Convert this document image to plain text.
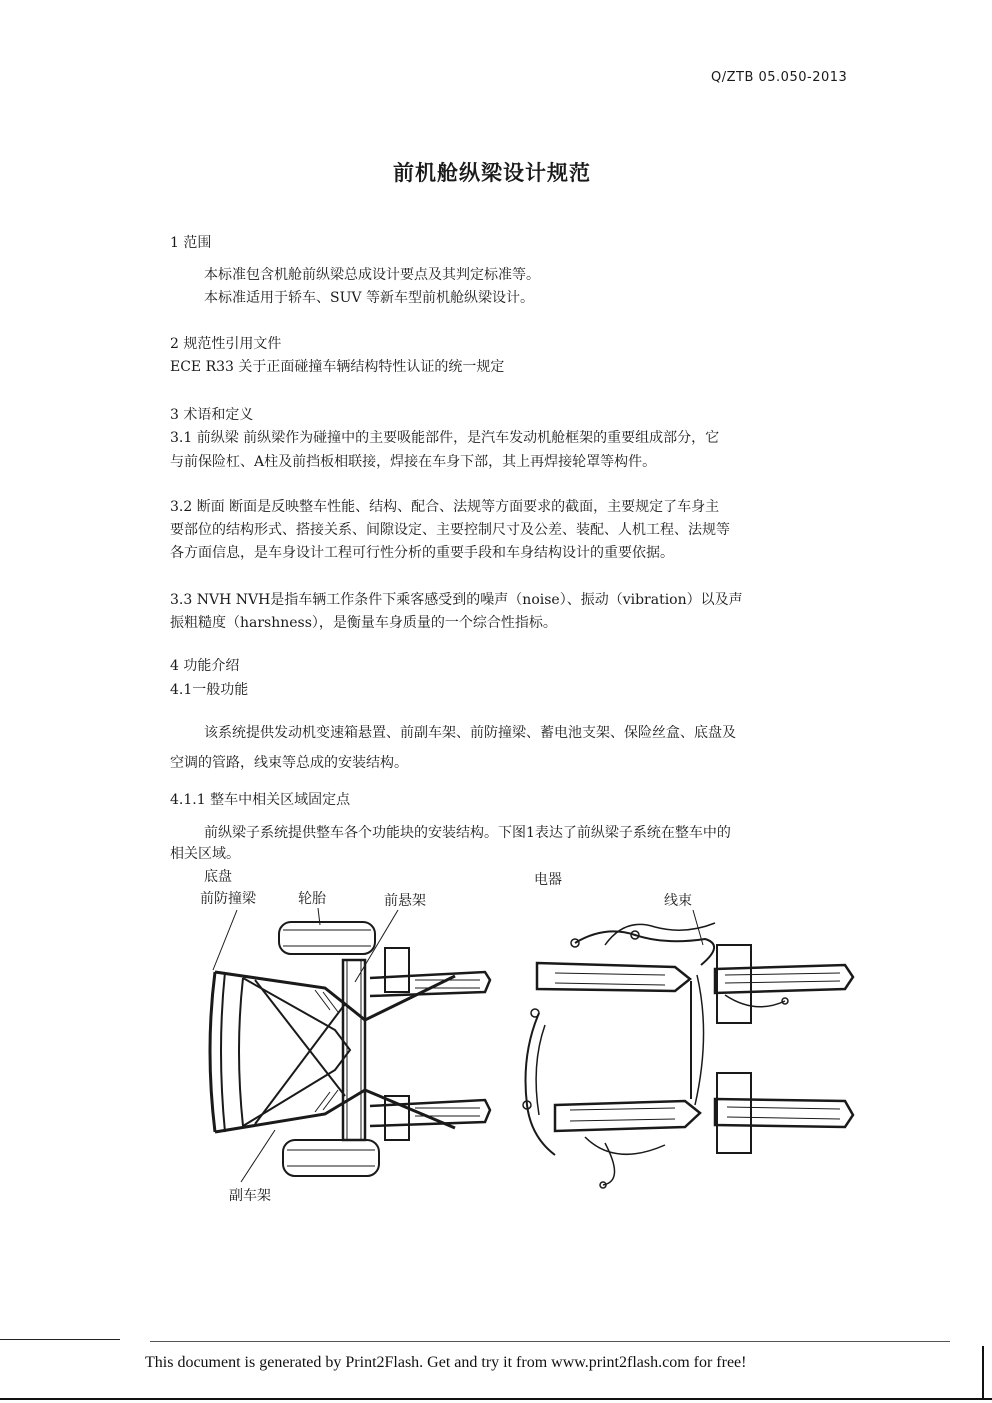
Q/ZTB 05.050-2013
前机舱纵梁设计规范
1 范围
本标准包含机舱前纵梁总成设计要点及其判定标准等。
本标准适用于轿车、SUV 等新车型前机舱纵梁设计。
2 规范性引用文件
ECE R33 关于正面碰撞车辆结构特性认证的统一规定
3 术语和定义
3.1 前纵梁 前纵梁作为碰撞中的主要吸能部件，是汽车发动机舱框架的重要组成部分，它
与前保险杠、A柱及前挡板相联接，焊接在车身下部，其上再焊接轮罩等构件。
3.2 断面 断面是反映整车性能、结构、配合、法规等方面要求的截面，主要规定了车身主
要部位的结构形式、搭接关系、间隙设定、主要控制尺寸及公差、装配、人机工程、法规等
各方面信息，是车身设计工程可行性分析的重要手段和车身结构设计的重要依据。
3.3 NVH NVH是指车辆工作条件下乘客感受到的噪声（noise）、振动（vibration）以及声
振粗糙度（harshness），是衡量车身质量的一个综合性指标。
4 功能介绍
4.1一般功能
该系统提供发动机变速箱悬置、前副车架、前防撞梁、蓄电池支架、保险丝盒、底盘及
空调的管路，线束等总成的安装结构。
4.1.1 整车中相关区域固定点
前纵梁子系统提供整车各个功能块的安装结构。下图1表达了前纵梁子系统在整车中的
相关区域。
底盘	电器
前防撞梁	轮胎	前悬架	线束
副车架
This document is generated by Print2Flash. Get and try it from www.print2flash.com for free!
